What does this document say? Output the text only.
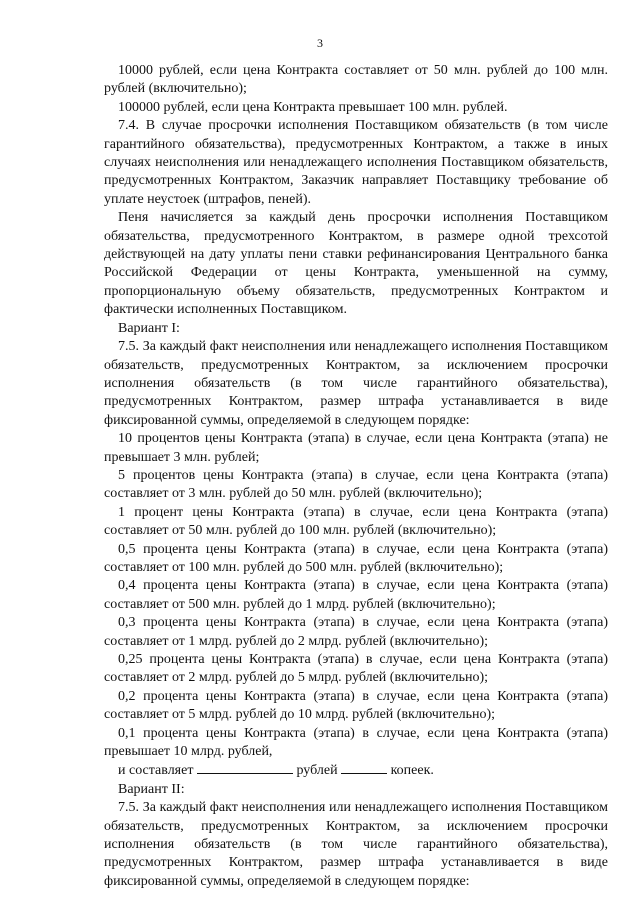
3

10000 рублей, если цена Контракта составляет от 50 млн. рублей до 100 млн. рублей (включительно);

100000 рублей, если цена Контракта превышает 100 млн. рублей.

7.4. В случае просрочки исполнения Поставщиком обязательств (в том числе гарантийного обязательства), предусмотренных Контрактом, а также в иных случаях неисполнения или ненадлежащего исполнения Поставщиком обязательств, предусмотренных Контрактом, Заказчик направляет Поставщику требование об уплате неустоек (штрафов, пеней).

Пеня начисляется за каждый день просрочки исполнения Поставщиком обязательства, предусмотренного Контрактом, в размере одной трехсотой действующей на дату уплаты пени ставки рефинансирования Центрального банка Российской Федерации от цены Контракта, уменьшенной на сумму, пропорциональную объему обязательств, предусмотренных Контрактом и фактически исполненных Поставщиком.

Вариант I:

7.5. За каждый факт неисполнения или ненадлежащего исполнения Поставщиком обязательств, предусмотренных Контрактом, за исключением просрочки исполнения обязательств (в том числе гарантийного обязательства), предусмотренных Контрактом, размер штрафа устанавливается в виде фиксированной суммы, определяемой в следующем порядке:

10 процентов цены Контракта (этапа) в случае, если цена Контракта (этапа) не превышает 3 млн. рублей;

5 процентов цены Контракта (этапа) в случае, если цена Контракта (этапа) составляет от 3 млн. рублей до 50 млн. рублей (включительно);

1 процент цены Контракта (этапа) в случае, если цена Контракта (этапа) составляет от 50 млн. рублей до 100 млн. рублей (включительно);

0,5 процента цены Контракта (этапа) в случае, если цена Контракта (этапа) составляет от 100 млн. рублей до 500 млн. рублей (включительно);

0,4 процента цены Контракта (этапа) в случае, если цена Контракта (этапа) составляет от 500 млн. рублей до 1 млрд. рублей (включительно);

0,3 процента цены Контракта (этапа) в случае, если цена Контракта (этапа) составляет от 1 млрд. рублей до 2 млрд. рублей (включительно);

0,25 процента цены Контракта (этапа) в случае, если цена Контракта (этапа) составляет от 2 млрд. рублей до 5 млрд. рублей (включительно);

0,2 процента цены Контракта (этапа) в случае, если цена Контракта (этапа) составляет от 5 млрд. рублей до 10 млрд. рублей (включительно);

0,1 процента цены Контракта (этапа) в случае, если цена Контракта (этапа) превышает 10 млрд. рублей,

и составляет	рублей	копеек.

Вариант II:

7.5. За каждый факт неисполнения или ненадлежащего исполнения Поставщиком обязательств, предусмотренных Контрактом, за исключением просрочки исполнения обязательств (в том числе гарантийного обязательства), предусмотренных Контрактом, размер штрафа устанавливается в виде фиксированной суммы, определяемой в следующем порядке:
